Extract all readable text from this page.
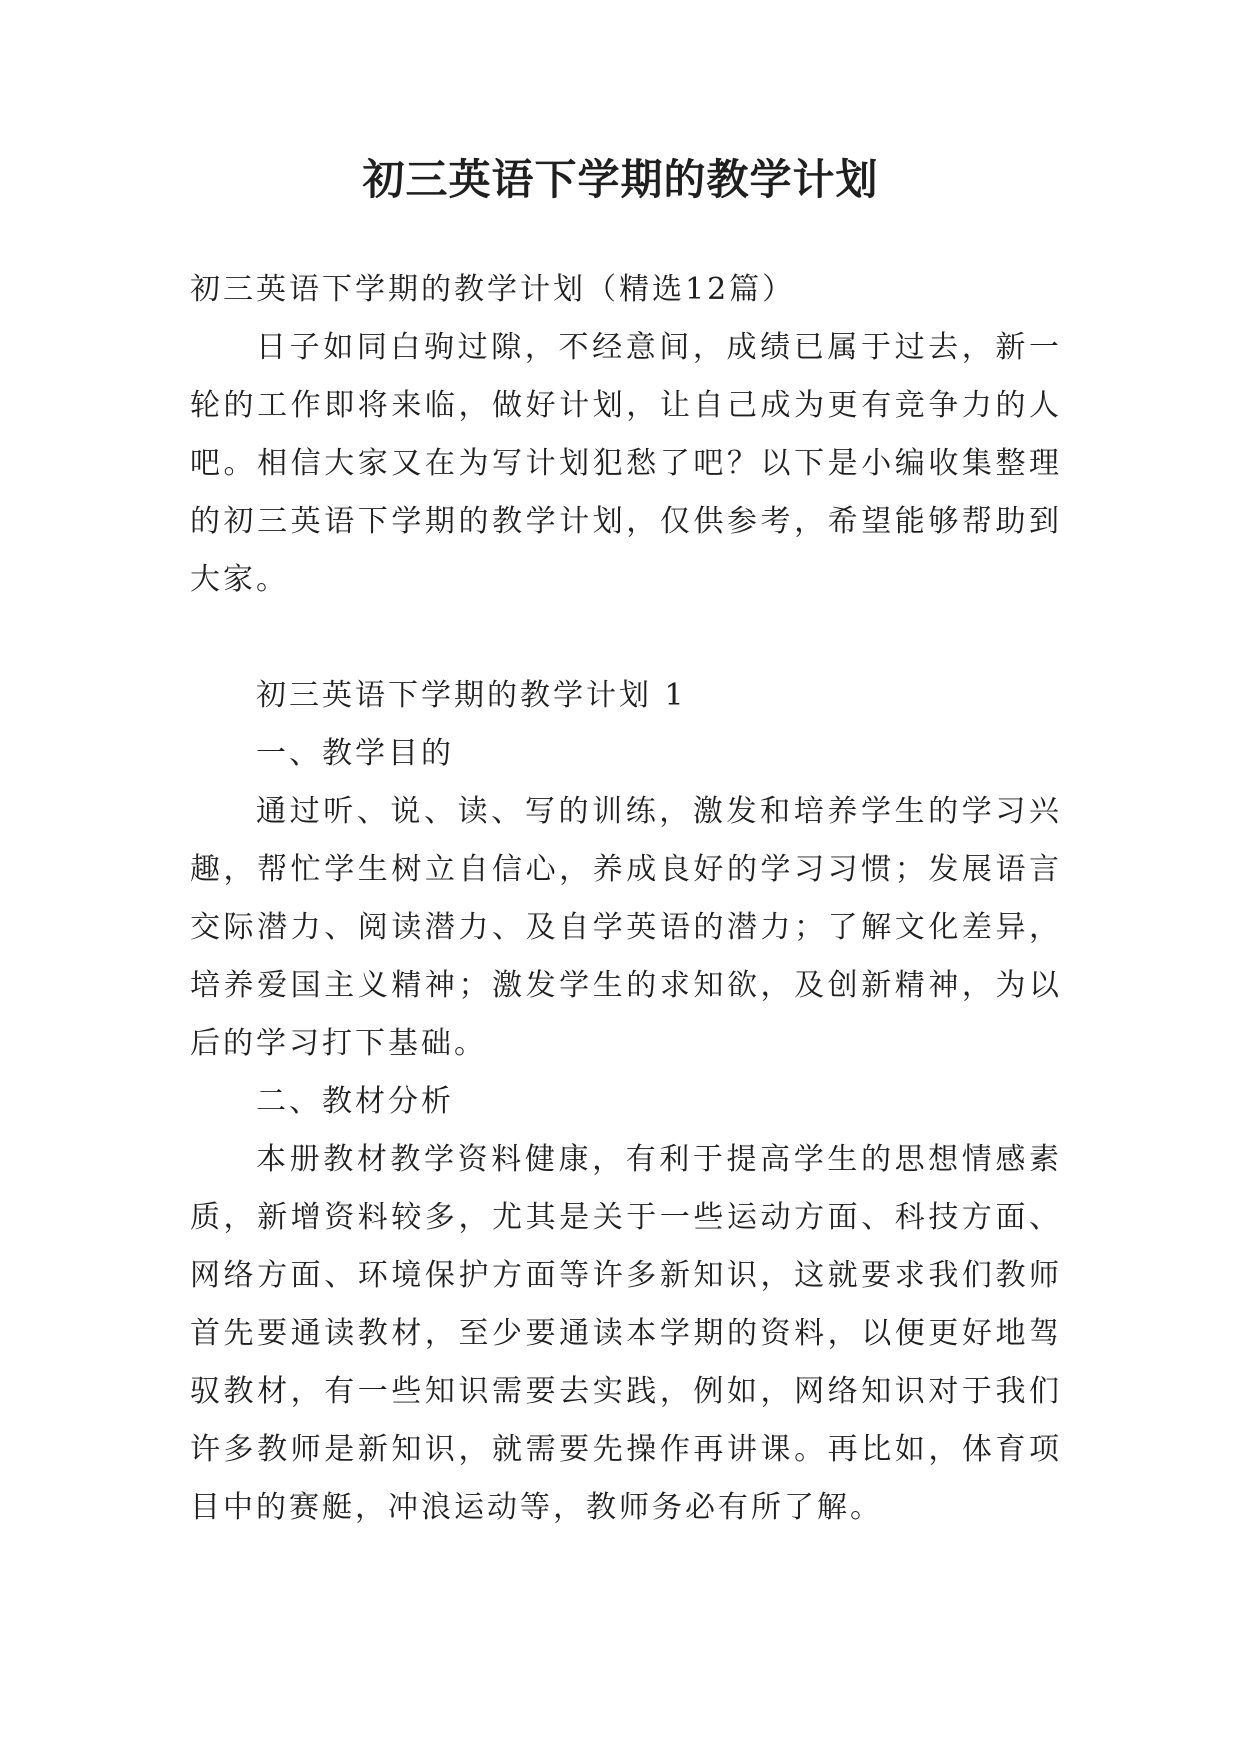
初三英语下学期的教学计划

初三英语下学期的教学计划（精选12篇）

日子如同白驹过隙，不经意间，成绩已属于过去，新一轮的工作即将来临，做好计划，让自己成为更有竞争力的人吧。相信大家又在为写计划犯愁了吧？以下是小编收集整理的初三英语下学期的教学计划，仅供参考，希望能够帮助到大家。

初三英语下学期的教学计划 1

一、教学目的

通过听、说、读、写的训练，激发和培养学生的学习兴趣，帮忙学生树立自信心，养成良好的学习习惯；发展语言交际潜力、阅读潜力、及自学英语的潜力；了解文化差异，培养爱国主义精神；激发学生的求知欲，及创新精神，为以后的学习打下基础。

二、教材分析

本册教材教学资料健康，有利于提高学生的思想情感素质，新增资料较多，尤其是关于一些运动方面、科技方面、网络方面、环境保护方面等许多新知识，这就要求我们教师首先要通读教材，至少要通读本学期的资料，以便更好地驾驭教材，有一些知识需要去实践，例如，网络知识对于我们许多教师是新知识，就需要先操作再讲课。再比如，体育项目中的赛艇，冲浪运动等，教师务必有所了解。
